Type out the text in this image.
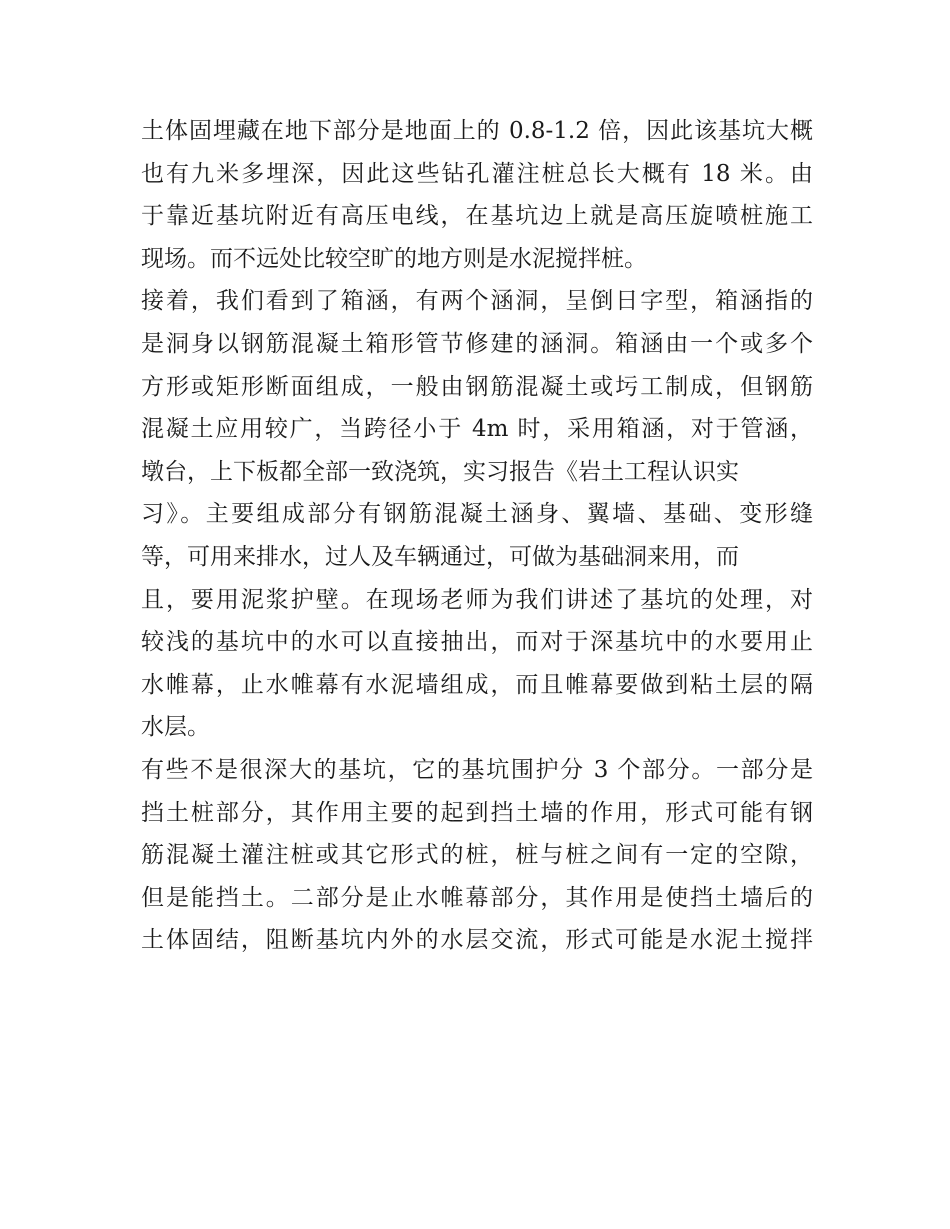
土体固埋藏在地下部分是地面上的 0.8-1.2 倍，因此该基坑大概
也有九米多埋深，因此这些钻孔灌注桩总长大概有 18 米。由
于靠近基坑附近有高压电线，在基坑边上就是高压旋喷桩施工
现场。而不远处比较空旷的地方则是水泥搅拌桩。
接着，我们看到了箱涵，有两个涵洞，呈倒日字型，箱涵指的
是洞身以钢筋混凝土箱形管节修建的涵洞。箱涵由一个或多个
方形或矩形断面组成，一般由钢筋混凝土或圬工制成，但钢筋
混凝土应用较广，当跨径小于 4m 时，采用箱涵，对于管涵，
墩台，上下板都全部一致浇筑，实习报告《岩土工程认识实
习》。主要组成部分有钢筋混凝土涵身、翼墙、基础、变形缝
等，可用来排水，过人及车辆通过，可做为基础洞来用，而
且，要用泥浆护壁。在现场老师为我们讲述了基坑的处理，对
较浅的基坑中的水可以直接抽出，而对于深基坑中的水要用止
水帷幕，止水帷幕有水泥墙组成，而且帷幕要做到粘土层的隔
水层。
有些不是很深大的基坑，它的基坑围护分 3 个部分。一部分是
挡土桩部分，其作用主要的起到挡土墙的作用，形式可能有钢
筋混凝土灌注桩或其它形式的桩，桩与桩之间有一定的空隙，
但是能挡土。二部分是止水帷幕部分，其作用是使挡土墙后的
土体固结，阻断基坑内外的水层交流，形式可能是水泥土搅拌
